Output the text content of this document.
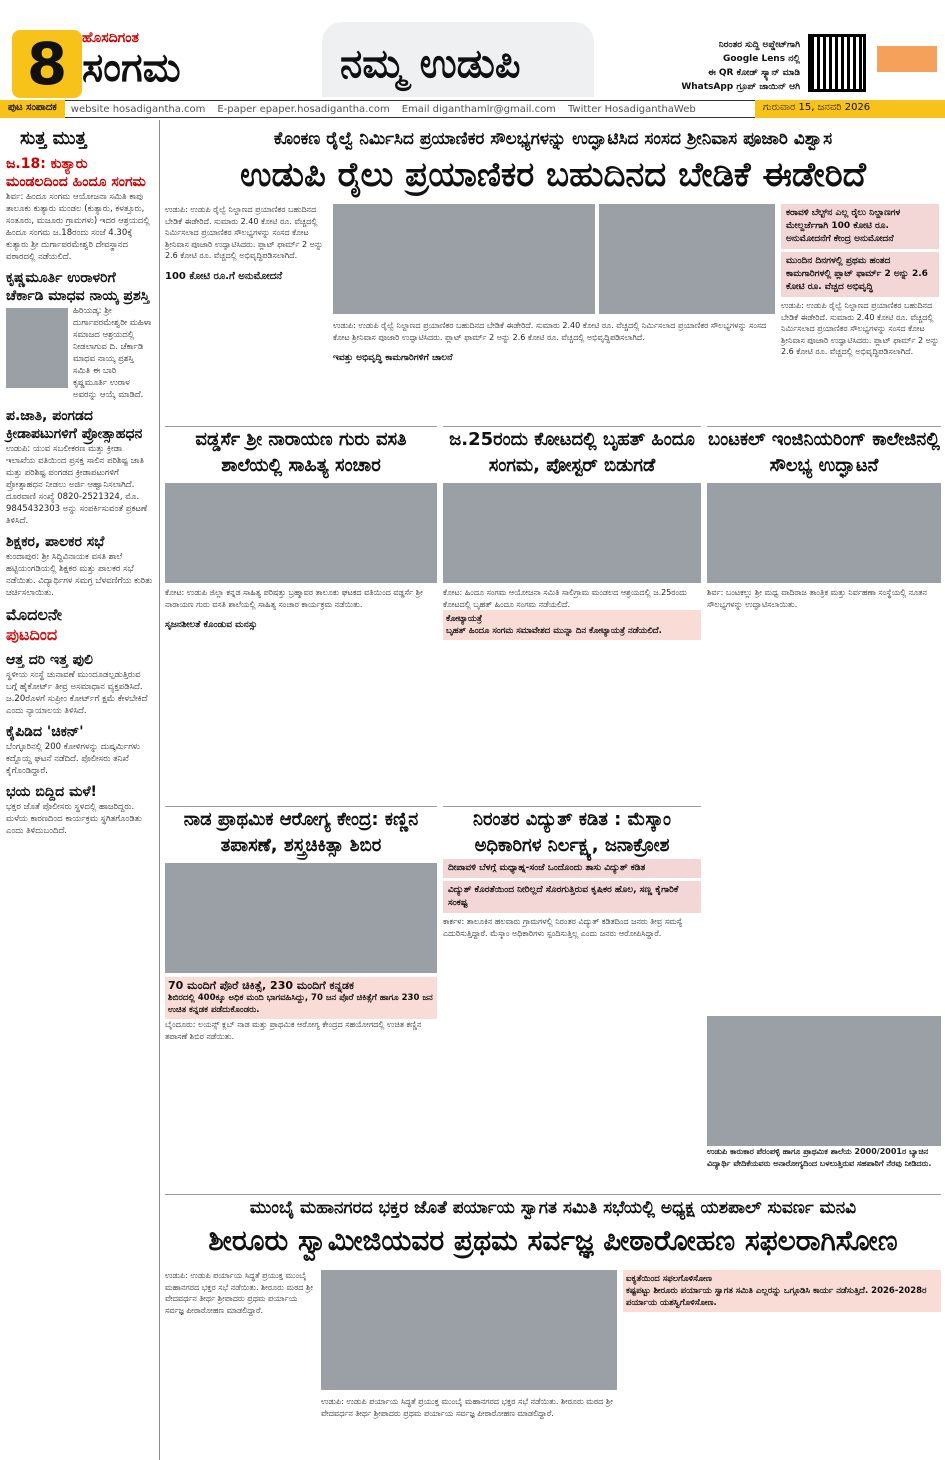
8	ಹೊಸದಿಗಂತ
ಸಂಗಮ	ನಮ್ಮ ಉಡುಪಿ	ನಿರಂತರ ಸುದ್ದಿ ಅಪ್ಡೇಟ್‌ಗಾಗಿ
Google Lens ನಲ್ಲಿ
ಈ QR ಕೋಡ್ ಸ್ಕ್ಯಾನ್ ಮಾಡಿ
WhatsApp ಗ್ರೂಪ್ ಜಾಯಿನ್ ಆಗಿ
ಪುಟ ಸಂಪಾದಕ	website hosadigantha.com	E-paper epaper.hosadigantha.com	Email diganthamlr@gmail.com	Twitter HosadiganthaWeb	ಗುರುವಾರ 15, ಜನವರಿ 2026
ಸುತ್ತ ಮುತ್ತ
ಜ.18: ಕುತ್ಯಾರು ಮಂಡಲದಿಂದ ಹಿಂದೂ ಸಂಗಮ
ಶಿರ್ವ: ಹಿಂದೂ ಸಂಗಮ ಆಯೋಜನಾ ಸಮಿತಿ ಕಾಪು ತಾಲೂಕು ಕುತ್ಯಾರು ಮಂಡಲ (ಕುತ್ಯಾರು, ಕಳತ್ತೂರು, ಸಂತೂರು, ಮಜೂರು ಗ್ರಾಮಗಳು) ಇದರ ಆಶ್ರಯದಲ್ಲಿ ಹಿಂದೂ ಸಂಗಮ ಜ.18ರಂದು ಸಂಜೆ 4.30ಕ್ಕೆ ಕುತ್ಯಾರು ಶ್ರೀ ದುರ್ಗಾಪರಮೇಶ್ವರಿ ದೇವಸ್ಥಾನದ ವಠಾರದಲ್ಲಿ ನಡೆಯಲಿದೆ.
ಕೃಷ್ಣಮೂರ್ತಿ ಉರಾಳರಿಗೆ ಚೆರ್ಕಾಡಿ ಮಾಧವ ನಾಯ್ಕ ಪ್ರಶಸ್ತಿ
ಹಿರಿಯಡ್ಕ: ಶ್ರೀ ದುರ್ಗಾಪರಮೇಶ್ವರೀ ಮಹಿಳಾ ಸಮಾಜದ ಆಶ್ರಯದಲ್ಲಿ ನೀಡಲಾಗುವ ದಿ. ಚೆರ್ಕಾಡಿ ಮಾಧವ ನಾಯ್ಕ ಪ್ರಶಸ್ತಿ ಸಮಿತಿ ಈ ಬಾರಿ ಕೃಷ್ಣಮೂರ್ತಿ ಉರಾಳ ಅವರನ್ನು ಆಯ್ಕೆ ಮಾಡಿದೆ.
ಪ.ಜಾತಿ, ಪಂಗಡದ ಕ್ರೀಡಾಪಟುಗಳಿಗೆ ಪ್ರೋತ್ಸಾಹಧನ
ಉಡುಪಿ: ಯುವ ಸಬಲೀಕರಣ ಮತ್ತು ಕ್ರೀಡಾ ಇಲಾಖೆಯ ವತಿಯಿಂದ ಪ್ರಸಕ್ತ ಸಾಲಿನ ಪರಿಶಿಷ್ಟ ಜಾತಿ ಮತ್ತು ಪರಿಶಿಷ್ಟ ಪಂಗಡದ ಕ್ರೀಡಾಪಟುಗಳಿಗೆ ಪ್ರೋತ್ಸಾಹಧನ ನೀಡಲು ಅರ್ಜಿ ಆಹ್ವಾನಿಸಲಾಗಿದೆ. ದೂರವಾಣಿ ಸಂಖ್ಯೆ 0820-2521324, ಮೊ. 9845432303 ಅನ್ನು ಸಂಪರ್ಕಿಸುವಂತೆ ಪ್ರಕಟಣೆ ತಿಳಿಸಿದೆ.
ಶಿಕ್ಷಕರ, ಪಾಲಕರ ಸಭೆ
ಕುಂದಾಪುರ: ಶ್ರೀ ಸಿದ್ಧಿವಿನಾಯಕ ವಸತಿ ಶಾಲೆ ಹಟ್ಟಿಯಂಗಡಿಯಲ್ಲಿ ಶಿಕ್ಷಕರ ಮತ್ತು ಪಾಲಕರ ಸಭೆ ನಡೆಯಿತು. ವಿದ್ಯಾರ್ಥಿಗಳ ಸಮಗ್ರ ಬೆಳವಣಿಗೆಯ ಕುರಿತು ಚರ್ಚಿಸಲಾಯಿತು.
ಮೊದಲನೇ
ಪುಟದಿಂದ
ಆತ್ತ ದರಿ ಇತ್ತ ಪುಲಿ
ಸ್ಥಳೀಯ ಸಂಸ್ಥೆ ಚುನಾವಣೆ ಮುಂದೂಡಲ್ಪಡುತ್ತಿರುವ ಬಗ್ಗೆ ಹೈಕೋರ್ಟ್ ತೀವ್ರ ಅಸಮಾಧಾನ ವ್ಯಕ್ತಪಡಿಸಿದೆ. ಜ.20ರೊಳಗೆ ಸುಪ್ರೀಂ ಕೋರ್ಟ್‌ಗೆ ಕ್ಷಮೆ ಕೇಳಬೇಕಿದೆ ಎಂದು ನ್ಯಾಯಾಲಯ ತಿಳಿಸಿದೆ.
ಕೈಪಿಡಿದ 'ಚಿಕನ್'
ಬೆಂಗ್ಳೂರಿನಲ್ಲಿ 200 ಕೋಳಿಗಳನ್ನು ದುಷ್ಕರ್ಮಿಗಳು ಕದ್ದೊಯ್ದ ಘಟನೆ ನಡೆದಿದೆ. ಪೊಲೀಸರು ತನಿಖೆ ಕೈಗೊಂಡಿದ್ದಾರೆ.
ಭಯ ಬಿದ್ದಿದ ಮಳೆ!
ಭಕ್ತರ ಜೊತೆ ಪೊಲೀಸರು ಸ್ಥಳದಲ್ಲಿ ಹಾಜರಿದ್ದರು. ಮಳೆಯ ಕಾರಣದಿಂದ ಕಾರ್ಯಕ್ರಮ ಸ್ಥಗಿತಗೊಂಡಿತು ಎಂದು ತಿಳಿದುಬಂದಿದೆ.
ಕೊಂಕಣ ರೈಲ್ವೆ ನಿರ್ಮಿಸಿದ ಪ್ರಯಾಣಿಕರ ಸೌಲಭ್ಯಗಳನ್ನು ಉದ್ಘಾಟಿಸಿದ ಸಂಸದ ಶ್ರೀನಿವಾಸ ಪೂಜಾರಿ ವಿಶ್ವಾಸ
ಉಡುಪಿ ರೈಲು ಪ್ರಯಾಣಿಕರ ಬಹುದಿನದ ಬೇಡಿಕೆ ಈಡೇರಿದೆ
ಉಡುಪಿ: ಉಡುಪಿ ರೈಲ್ವೆ ನಿಲ್ದಾಣದ ಪ್ರಯಾಣಿಕರ ಬಹುದಿನದ ಬೇಡಿಕೆ ಈಡೇರಿದೆ. ಸುಮಾರು 2.40 ಕೋಟಿ ರೂ. ವೆಚ್ಚದಲ್ಲಿ ನಿರ್ಮಿಸಲಾದ ಪ್ರಯಾಣಿಕರ ಸೌಲಭ್ಯಗಳನ್ನು ಸಂಸದ ಕೋಟ ಶ್ರೀನಿವಾಸ ಪೂಜಾರಿ ಉದ್ಘಾಟಿಸಿದರು. ಪ್ಲಾಟ್ ಫಾರ್ಮ್ 2 ಅನ್ನು 2.6 ಕೋಟಿ ರೂ. ವೆಚ್ಚದಲ್ಲಿ ಅಭಿವೃದ್ಧಿಪಡಿಸಲಾಗಿದೆ.
100 ಕೋಟಿ ರೂ.ಗೆ ಅನುಮೋದನೆ
ಉಡುಪಿ: ಉಡುಪಿ ರೈಲ್ವೆ ನಿಲ್ದಾಣದ ಪ್ರಯಾಣಿಕರ ಬಹುದಿನದ ಬೇಡಿಕೆ ಈಡೇರಿದೆ. ಸುಮಾರು 2.40 ಕೋಟಿ ರೂ. ವೆಚ್ಚದಲ್ಲಿ ನಿರ್ಮಿಸಲಾದ ಪ್ರಯಾಣಿಕರ ಸೌಲಭ್ಯಗಳನ್ನು ಸಂಸದ ಕೋಟ ಶ್ರೀನಿವಾಸ ಪೂಜಾರಿ ಉದ್ಘಾಟಿಸಿದರು. ಪ್ಲಾಟ್ ಫಾರ್ಮ್ 2 ಅನ್ನು 2.6 ಕೋಟಿ ರೂ. ವೆಚ್ಚದಲ್ಲಿ ಅಭಿವೃದ್ಧಿಪಡಿಸಲಾಗಿದೆ.
ಇವತ್ತು ಅಭಿವೃದ್ಧಿ ಕಾಮಗಾರಿಗಳಿಗೆ ಚಾಲನೆ
ಕರಾವಳಿ ಬೆಲ್ಟ್‌ನ ಎಲ್ಲ ರೈಲು ನಿಲ್ದಾಣಗಳ ಮೇಲ್ದರ್ಜೆಗಾಗಿ 100 ಕೋಟಿ ರೂ. ಅನುಮೋದನೆಗೆ ಕೇಂದ್ರ ಅನುಮೋದನೆ
ಮುಂದಿನ ದಿನಗಳಲ್ಲಿ ಪ್ರಥಮ ಹಂತದ ಕಾಮಗಾರಿಗಳಲ್ಲಿ ಪ್ಲಾಟ್ ಫಾರ್ಮ್ 2 ಅನ್ನು 2.6 ಕೋಟಿ ರೂ. ವೆಚ್ಚದ ಅಭಿವೃದ್ಧಿ
ಉಡುಪಿ: ಉಡುಪಿ ರೈಲ್ವೆ ನಿಲ್ದಾಣದ ಪ್ರಯಾಣಿಕರ ಬಹುದಿನದ ಬೇಡಿಕೆ ಈಡೇರಿದೆ. ಸುಮಾರು 2.40 ಕೋಟಿ ರೂ. ವೆಚ್ಚದಲ್ಲಿ ನಿರ್ಮಿಸಲಾದ ಪ್ರಯಾಣಿಕರ ಸೌಲಭ್ಯಗಳನ್ನು ಸಂಸದ ಕೋಟ ಶ್ರೀನಿವಾಸ ಪೂಜಾರಿ ಉದ್ಘಾಟಿಸಿದರು. ಪ್ಲಾಟ್ ಫಾರ್ಮ್ 2 ಅನ್ನು 2.6 ಕೋಟಿ ರೂ. ವೆಚ್ಚದಲ್ಲಿ ಅಭಿವೃದ್ಧಿಪಡಿಸಲಾಗಿದೆ.
ವಡ್ಡರ್ಸೆ ಶ್ರೀ ನಾರಾಯಣ ಗುರು ವಸತಿ ಶಾಲೆಯಲ್ಲಿ ಸಾಹಿತ್ಯ ಸಂಚಾರ
ಕೋಟ: ಉಡುಪಿ ಜಿಲ್ಲಾ ಕನ್ನಡ ಸಾಹಿತ್ಯ ಪರಿಷತ್ತು ಬ್ರಹ್ಮಾವರ ತಾಲೂಕು ಘಟಕದ ವತಿಯಿಂದ ವಡ್ಡರ್ಸೆ ಶ್ರೀ ನಾರಾಯಣ ಗುರು ವಸತಿ ಶಾಲೆಯಲ್ಲಿ ಸಾಹಿತ್ಯ ಸಂಚಾರ ಕಾರ್ಯಕ್ರಮ ನಡೆಯಿತು.
ಸೃಜನಶೀಲತೆ ಕೊಂಡುವ ಮನಸ್ಸು
ಜ.25ರಂದು ಕೋಟದಲ್ಲಿ ಬೃಹತ್ ಹಿಂದೂ ಸಂಗಮ, ಪೋಸ್ಟರ್ ಬಿಡುಗಡೆ
ಕೋಟ: ಹಿಂದೂ ಸಂಗಮ ಆಯೋಜನಾ ಸಮಿತಿ ಸಾಲಿಗ್ರಾಮ ಮಂಡಲದ ಆಶ್ರಯದಲ್ಲಿ ಜ.25ರಂದು ಕೋಟದಲ್ಲಿ ಬೃಹತ್ ಹಿಂದೂ ಸಂಗಮ ನಡೆಯಲಿದೆ.
ಕೋಟ್ಯಾಯತ್ರೆ
ಬೃಹತ್ ಹಿಂದೂ ಸಂಗಮ ಸಮಾವೇಶದ ಮುನ್ನಾ ದಿನ ಕೋಟ್ಯಾಯತ್ರೆ ನಡೆಯಲಿದೆ.
ಬಂಟಕಲ್ ಇಂಜಿನಿಯರಿಂಗ್ ಕಾಲೇಜಿನಲ್ಲಿ ಸೌಲಭ್ಯ ಉದ್ಘಾಟನೆ
ಶಿರ್ವ: ಬಂಟಕಲ್ಲು ಶ್ರೀ ಮಧ್ವ ವಾದಿರಾಜ ತಾಂತ್ರಿಕ ಮತ್ತು ನಿರ್ವಹಣಾ ಸಂಸ್ಥೆಯಲ್ಲಿ ನೂತನ ಸೌಲಭ್ಯಗಳನ್ನು ಉದ್ಘಾಟಿಸಲಾಯಿತು.
ನಾಡ ಪ್ರಾಥಮಿಕ ಆರೋಗ್ಯ ಕೇಂದ್ರ: ಕಣ್ಣಿನ ತಪಾಸಣೆ, ಶಸ್ತ್ರಚಿಕಿತ್ಸಾ ಶಿಬಿರ
70 ಮಂದಿಗೆ ಪೊರೆ ಚಿಕಿತ್ಸೆ, 230 ಮಂದಿಗೆ ಕನ್ನಡಕ
ಶಿಬಿರದಲ್ಲಿ 400ಕ್ಕೂ ಅಧಿಕ ಮಂದಿ ಭಾಗವಹಿಸಿದ್ದು, 70 ಜನ ಪೊರೆ ಚಿಕಿತ್ಸೆಗೆ ಹಾಗೂ 230 ಜನ ಉಚಿತ ಕನ್ನಡಕ ಪಡೆದುಕೊಂಡರು.
ಬೈಂದೂರು: ಲಯನ್ಸ್ ಕ್ಲಬ್ ನಾಡ ಮತ್ತು ಪ್ರಾಥಮಿಕ ಆರೋಗ್ಯ ಕೇಂದ್ರದ ಸಹಯೋಗದಲ್ಲಿ ಉಚಿತ ಕಣ್ಣಿನ ತಪಾಸಣೆ ಶಿಬಿರ ನಡೆಯಿತು.
ನಿರಂತರ ವಿದ್ಯುತ್ ಕಡಿತ : ಮೆಸ್ಕಾಂ ಅಧಿಕಾರಿಗಳ ನಿರ್ಲಕ್ಷ್ಯ, ಜನಾಕ್ರೋಶ
ದೀಪಾವಳಿ ಬೆಳಗ್ಗೆ ಮಧ್ಯಾಹ್ನ-ಸಂಜೆ ಒಂದೊಂದು ತಾಸು ವಿದ್ಯುತ್ ಕಡಿತ
ವಿದ್ಯುತ್ ಕೊರತೆಯಿಂದ ನೀರಿಲ್ಲದೆ ಸೊರಗುತ್ತಿರುವ ಕೃಷಿಕರ ಹೊಲ, ಸಣ್ಣ ಕೈಗಾರಿಕೆ ಸಂಕಷ್ಟ
ಕಾರ್ಕಳ: ತಾಲೂಕಿನ ಹಲವಾರು ಗ್ರಾಮಗಳಲ್ಲಿ ನಿರಂತರ ವಿದ್ಯುತ್ ಕಡಿತದಿಂದ ಜನರು ತೀವ್ರ ಸಮಸ್ಯೆ ಎದುರಿಸುತ್ತಿದ್ದಾರೆ. ಮೆಸ್ಕಾಂ ಅಧಿಕಾರಿಗಳು ಸ್ಪಂದಿಸುತ್ತಿಲ್ಲ ಎಂದು ಜನರು ಆರೋಪಿಸಿದ್ದಾರೆ.
ಉಡುಪಿ ಕಾರುಕಾರ ಪೆರಂಪಳ್ಳಿ ಹಾಗೂ ಪ್ರಾಥಮಿಕ ಶಾಲೆಯ 2000/2001ರ ಬ್ಯಾಚಿನ ವಿದ್ಯಾರ್ಥಿ ವೇದಿಕೆಯವರು ಅನಾರೋಗ್ಯದಿಂದ ಬಳಲುತ್ತಿರುವ ಸಹಪಾಠಿಗೆ ನೆರವು ನೀಡಿದರು.
ಮುಂಬೈ ಮಹಾನಗರದ ಭಕ್ತರ ಜೊತೆ ಪರ್ಯಾಯ ಸ್ವಾಗತ ಸಮಿತಿ ಸಭೆಯಲ್ಲಿ ಅಧ್ಯಕ್ಷ ಯಶಪಾಲ್ ಸುವರ್ಣ ಮನವಿ
ಶೀರೂರು ಸ್ವಾಮೀಜಿಯವರ ಪ್ರಥಮ ಸರ್ವಜ್ಞ ಪೀಠಾರೋಹಣ ಸಫಲರಾಗಿಸೋಣ
ಉಡುಪಿ: ಉಡುಪಿ ಪರ್ಯಾಯ ಸಿದ್ಧತೆ ಪ್ರಯುಕ್ತ ಮುಂಬೈ ಮಹಾನಗರದ ಭಕ್ತರ ಸಭೆ ನಡೆಯಿತು. ಶೀರೂರು ಮಠದ ಶ್ರೀ ವೇದವರ್ಧನ ತೀರ್ಥ ಶ್ರೀಪಾದರು ಪ್ರಥಮ ಪರ್ಯಾಯ ಸರ್ವಜ್ಞ ಪೀಠಾರೋಹಣ ಮಾಡಲಿದ್ದಾರೆ.
ಉಡುಪಿ: ಉಡುಪಿ ಪರ್ಯಾಯ ಸಿದ್ಧತೆ ಪ್ರಯುಕ್ತ ಮುಂಬೈ ಮಹಾನಗರದ ಭಕ್ತರ ಸಭೆ ನಡೆಯಿತು. ಶೀರೂರು ಮಠದ ಶ್ರೀ ವೇದವರ್ಧನ ತೀರ್ಥ ಶ್ರೀಪಾದರು ಪ್ರಥಮ ಪರ್ಯಾಯ ಸರ್ವಜ್ಞ ಪೀಠಾರೋಹಣ ಮಾಡಲಿದ್ದಾರೆ.
ಐಕ್ಯತೆಯಿಂದ ಸಫಲಗೊಳಿಸೋಣ
ಕಷ್ಟಪಟ್ಟು ಶೀರೂರು ಪರ್ಯಾಯ ಸ್ವಾಗತ ಸಮಿತಿ ಎಲ್ಲರನ್ನು ಒಗ್ಗೂಡಿಸಿ ಕಾರ್ಯ ನಡೆಸುತ್ತಿದೆ. 2026-2028ರ ಪರ್ಯಾಯ ಯಶಸ್ವಿಗೊಳಿಸೋಣ.
